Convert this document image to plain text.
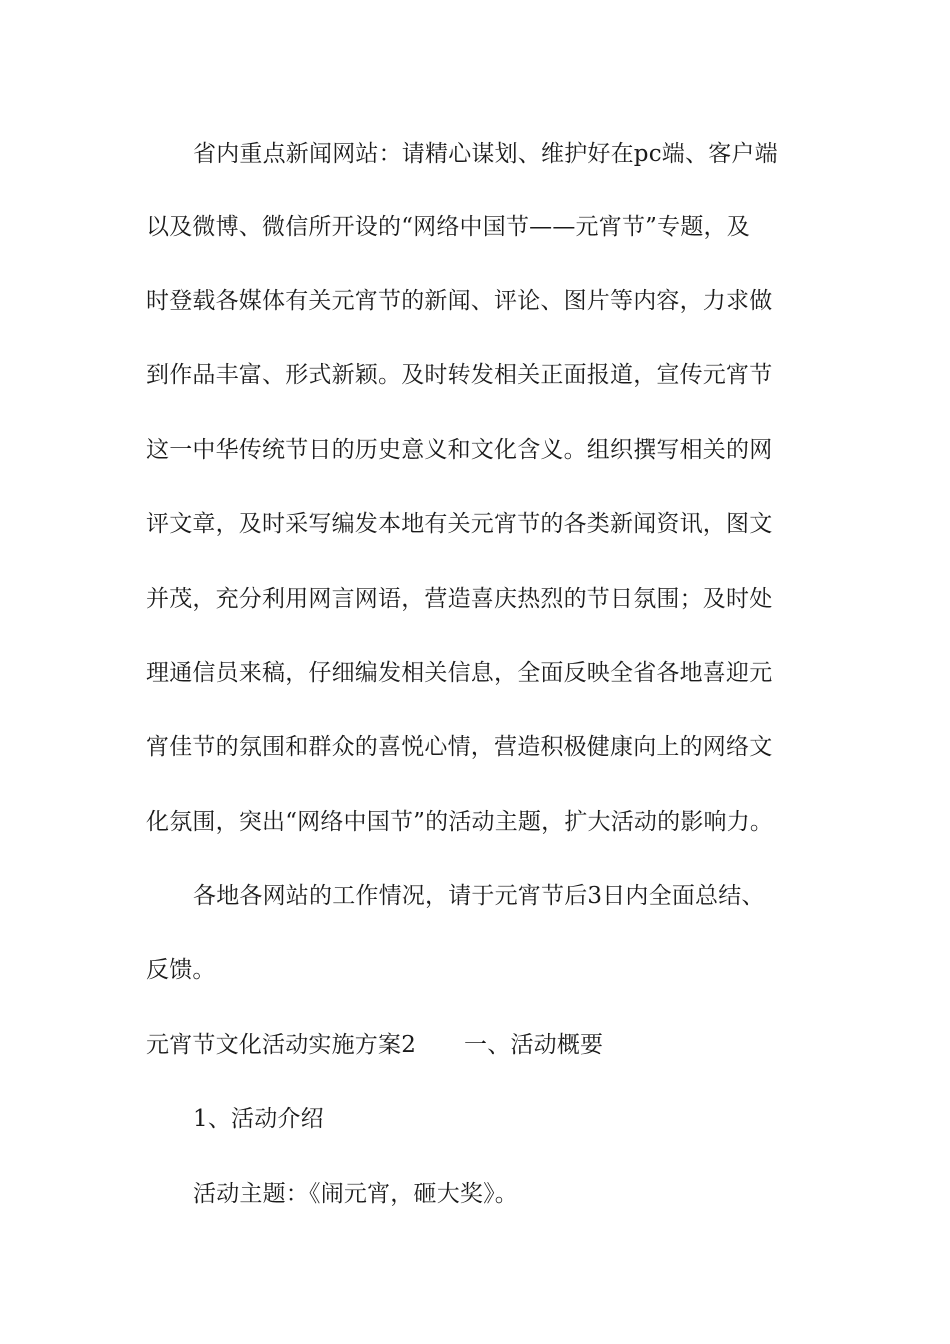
省内重点新闻网站：请精心谋划、维护好在pc端、客户端
以及微博、微信所开设的“网络中国节——元宵节”专题，及
时登载各媒体有关元宵节的新闻、评论、图片等内容，力求做
到作品丰富、形式新颖。及时转发相关正面报道，宣传元宵节
这一中华传统节日的历史意义和文化含义。组织撰写相关的网
评文章，及时采写编发本地有关元宵节的各类新闻资讯，图文
并茂，充分利用网言网语，营造喜庆热烈的节日氛围；及时处
理通信员来稿，仔细编发相关信息，全面反映全省各地喜迎元
宵佳节的氛围和群众的喜悦心情，营造积极健康向上的网络文
化氛围，突出“网络中国节”的活动主题，扩大活动的影响力。
各地各网站的工作情况，请于元宵节后3日内全面总结、
反馈。
元宵节文化活动实施方案2 一、活动概要
1、活动介绍
活动主题：《闹元宵，砸大奖》。
